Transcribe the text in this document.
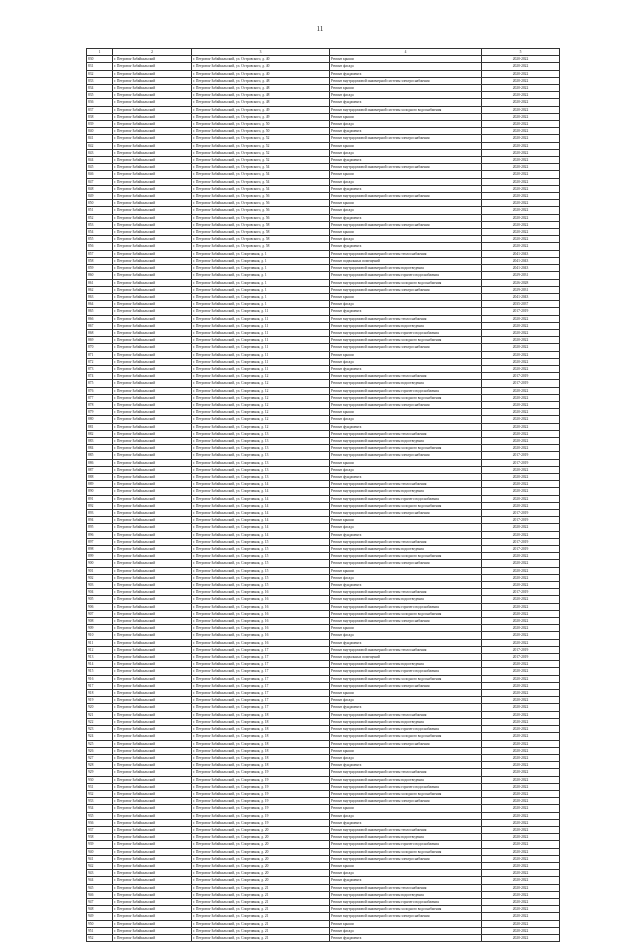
11
1	2	3	4	5
830	г. Петровск-Забайкальский	г. Петровск-Забайкальский, ул. Островского, д. 40	Ремонт крыши	2020-2022
831	г. Петровск-Забайкальский	г. Петровск-Забайкальский, ул. Островского, д. 40	Ремонт фасада	2020-2022
832	г. Петровск-Забайкальский	г. Петровск-Забайкальский, ул. Островского, д. 40	Ремонт фундамента	2020-2022
833	г. Петровск-Забайкальский	г. Петровск-Забайкальский, ул. Островского, д. 48	Ремонт внутридомовой инженерной системы электроснабжения	2020-2022
834	г. Петровск-Забайкальский	г. Петровск-Забайкальский, ул. Островского, д. 48	Ремонт крыши	2020-2022
835	г. Петровск-Забайкальский	г. Петровск-Забайкальский, ул. Островского, д. 48	Ремонт фасада	2020-2022
836	г. Петровск-Забайкальский	г. Петровск-Забайкальский, ул. Островского, д. 48	Ремонт фундамента	2020-2022
837	г. Петровск-Забайкальский	г. Петровск-Забайкальский, ул. Островского, д. 49	Ремонт внутридомовой инженерной системы холодного водоснабжения	2020-2022
838	г. Петровск-Забайкальский	г. Петровск-Забайкальский, ул. Островского, д. 49	Ремонт крыши	2020-2022
839	г. Петровск-Забайкальский	г. Петровск-Забайкальский, ул. Островского, д. 50	Ремонт фасада	2020-2022
840	г. Петровск-Забайкальский	г. Петровск-Забайкальский, ул. Островского, д. 50	Ремонт фундамента	2020-2022
841	г. Петровск-Забайкальский	г. Петровск-Забайкальский, ул. Островского, д. 52	Ремонт внутридомовой инженерной системы электроснабжения	2020-2022
842	г. Петровск-Забайкальский	г. Петровск-Забайкальский, ул. Островского, д. 52	Ремонт крыши	2020-2022
843	г. Петровск-Забайкальский	г. Петровск-Забайкальский, ул. Островского, д. 52	Ремонт фасада	2020-2022
844	г. Петровск-Забайкальский	г. Петровск-Забайкальский, ул. Островского, д. 52	Ремонт фундамента	2020-2022
845	г. Петровск-Забайкальский	г. Петровск-Забайкальский, ул. Островского, д. 54	Ремонт внутридомовой инженерной системы электроснабжения	2020-2022
846	г. Петровск-Забайкальский	г. Петровск-Забайкальский, ул. Островского, д. 54	Ремонт крыши	2020-2022
847	г. Петровск-Забайкальский	г. Петровск-Забайкальский, ул. Островского, д. 54	Ремонт фасада	2020-2022
848	г. Петровск-Забайкальский	г. Петровск-Забайкальский, ул. Островского, д. 54	Ремонт фундамента	2020-2022
849	г. Петровск-Забайкальский	г. Петровск-Забайкальский, ул. Островского, д. 56	Ремонт внутридомовой инженерной системы электроснабжения	2020-2022
850	г. Петровск-Забайкальский	г. Петровск-Забайкальский, ул. Островского, д. 56	Ремонт крыши	2020-2022
851	г. Петровск-Забайкальский	г. Петровск-Забайкальский, ул. Островского, д. 56	Ремонт фасада	2020-2022
852	г. Петровск-Забайкальский	г. Петровск-Забайкальский, ул. Островского, д. 56	Ремонт фундамента	2020-2022
853	г. Петровск-Забайкальский	г. Петровск-Забайкальский, ул. Островского, д. 58	Ремонт внутридомовой инженерной системы электроснабжения	2020-2022
854	г. Петровск-Забайкальский	г. Петровск-Забайкальский, ул. Островского, д. 58	Ремонт крыши	2020-2022
855	г. Петровск-Забайкальский	г. Петровск-Забайкальский, ул. Островского, д. 58	Ремонт фасада	2020-2022
856	г. Петровск-Забайкальский	г. Петровск-Забайкальский, ул. Островского, д. 58	Ремонт фундамента	2020-2022
857	г. Петровск-Забайкальский	г. Петровск-Забайкальский, ул. Спортивная, д. 1	Ремонт внутридомовой инженерной системы теплоснабжения	2041-2043
858	г. Петровск-Забайкальский	г. Петровск-Забайкальский, ул. Спортивная, д. 1	Ремонт подвальных помещений	2041-2043
859	г. Петровск-Забайкальский	г. Петровск-Забайкальский, ул. Спортивная, д. 1	Ремонт внутридомовой инженерной системы водоотведения	2041-2043
860	г. Петровск-Забайкальский	г. Петровск-Забайкальский, ул. Спортивная, д. 1	Ремонт внутридомовой инженерной системы горячего водоснабжения	2029-2031
861	г. Петровск-Забайкальский	г. Петровск-Забайкальский, ул. Спортивная, д. 1	Ремонт внутридомовой инженерной системы холодного водоснабжения	2026-2028
862	г. Петровск-Забайкальский	г. Петровск-Забайкальский, ул. Спортивная, д. 1	Ремонт внутридомовой инженерной системы электроснабжения	2029-2031
863	г. Петровск-Забайкальский	г. Петровск-Забайкальский, ул. Спортивная, д. 1	Ремонт крыши	2041-2043
864	г. Петровск-Забайкальский	г. Петровск-Забайкальский, ул. Спортивная, д. 1	Ремонт фасада	2035-2037
865	г. Петровск-Забайкальский	г. Петровск-Забайкальский, ул. Спортивная, д. 11	Ремонт фундамента	2017-2019
866	г. Петровск-Забайкальский	г. Петровск-Забайкальский, ул. Спортивная, д. 11	Ремонт внутридомовой инженерной системы теплоснабжения	2020-2022
867	г. Петровск-Забайкальский	г. Петровск-Забайкальский, ул. Спортивная, д. 11	Ремонт внутридомовой инженерной системы водоотведения	2020-2022
868	г. Петровск-Забайкальский	г. Петровск-Забайкальский, ул. Спортивная, д. 11	Ремонт внутридомовой инженерной системы горячего водоснабжения	2020-2022
869	г. Петровск-Забайкальский	г. Петровск-Забайкальский, ул. Спортивная, д. 11	Ремонт внутридомовой инженерной системы холодного водоснабжения	2020-2022
870	г. Петровск-Забайкальский	г. Петровск-Забайкальский, ул. Спортивная, д. 11	Ремонт внутридомовой инженерной системы электроснабжения	2020-2022
871	г. Петровск-Забайкальский	г. Петровск-Забайкальский, ул. Спортивная, д. 11	Ремонт крыши	2020-2022
872	г. Петровск-Забайкальский	г. Петровск-Забайкальский, ул. Спортивная, д. 11	Ремонт фасада	2020-2022
873	г. Петровск-Забайкальский	г. Петровск-Забайкальский, ул. Спортивная, д. 11	Ремонт фундамента	2020-2022
874	г. Петровск-Забайкальский	г. Петровск-Забайкальский, ул. Спортивная, д. 12	Ремонт внутридомовой инженерной системы теплоснабжения	2017-2019
875	г. Петровск-Забайкальский	г. Петровск-Забайкальский, ул. Спортивная, д. 12	Ремонт внутридомовой инженерной системы водоотведения	2017-2019
876	г. Петровск-Забайкальский	г. Петровск-Забайкальский, ул. Спортивная, д. 12	Ремонт внутридомовой инженерной системы горячего водоснабжения	2020-2022
877	г. Петровск-Забайкальский	г. Петровск-Забайкальский, ул. Спортивная, д. 12	Ремонт внутридомовой инженерной системы холодного водоснабжения	2020-2022
878	г. Петровск-Забайкальский	г. Петровск-Забайкальский, ул. Спортивная, д. 12	Ремонт внутридомовой инженерной системы электроснабжения	2020-2022
879	г. Петровск-Забайкальский	г. Петровск-Забайкальский, ул. Спортивная, д. 12	Ремонт крыши	2020-2022
880	г. Петровск-Забайкальский	г. Петровск-Забайкальский, ул. Спортивная, д. 12	Ремонт фасада	2020-2022
881	г. Петровск-Забайкальский	г. Петровск-Забайкальский, ул. Спортивная, д. 12	Ремонт фундамента	2020-2022
882	г. Петровск-Забайкальский	г. Петровск-Забайкальский, ул. Спортивная, д. 13	Ремонт внутридомовой инженерной системы теплоснабжения	2020-2022
883	г. Петровск-Забайкальский	г. Петровск-Забайкальский, ул. Спортивная, д. 13	Ремонт внутридомовой инженерной системы водоотведения	2020-2022
884	г. Петровск-Забайкальский	г. Петровск-Забайкальский, ул. Спортивная, д. 13	Ремонт внутридомовой инженерной системы холодного водоснабжения	2020-2022
885	г. Петровск-Забайкальский	г. Петровск-Забайкальский, ул. Спортивная, д. 13	Ремонт внутридомовой инженерной системы электроснабжения	2017-2019
886	г. Петровск-Забайкальский	г. Петровск-Забайкальский, ул. Спортивная, д. 13	Ремонт крыши	2017-2019
887	г. Петровск-Забайкальский	г. Петровск-Забайкальский, ул. Спортивная, д. 13	Ремонт фасада	2020-2022
888	г. Петровск-Забайкальский	г. Петровск-Забайкальский, ул. Спортивная, д. 13	Ремонт фундамента	2020-2022
889	г. Петровск-Забайкальский	г. Петровск-Забайкальский, ул. Спортивная, д. 14	Ремонт внутридомовой инженерной системы теплоснабжения	2020-2022
890	г. Петровск-Забайкальский	г. Петровск-Забайкальский, ул. Спортивная, д. 14	Ремонт внутридомовой инженерной системы водоотведения	2020-2022
891	г. Петровск-Забайкальский	г. Петровск-Забайкальский, ул. Спортивная, д. 14	Ремонт внутридомовой инженерной системы горячего водоснабжения	2020-2022
892	г. Петровск-Забайкальский	г. Петровск-Забайкальский, ул. Спортивная, д. 14	Ремонт внутридомовой инженерной системы холодного водоснабжения	2020-2022
893	г. Петровск-Забайкальский	г. Петровск-Забайкальский, ул. Спортивная, д. 14	Ремонт внутридомовой инженерной системы электроснабжения	2017-2019
894	г. Петровск-Забайкальский	г. Петровск-Забайкальский, ул. Спортивная, д. 14	Ремонт крыши	2017-2019
895	г. Петровск-Забайкальский	г. Петровск-Забайкальский, ул. Спортивная, д. 14	Ремонт фасада	2020-2022
896	г. Петровск-Забайкальский	г. Петровск-Забайкальский, ул. Спортивная, д. 14	Ремонт фундамента	2020-2022
897	г. Петровск-Забайкальский	г. Петровск-Забайкальский, ул. Спортивная, д. 15	Ремонт внутридомовой инженерной системы теплоснабжения	2017-2019
898	г. Петровск-Забайкальский	г. Петровск-Забайкальский, ул. Спортивная, д. 15	Ремонт внутридомовой инженерной системы водоотведения	2017-2019
899	г. Петровск-Забайкальский	г. Петровск-Забайкальский, ул. Спортивная, д. 15	Ремонт внутридомовой инженерной системы холодного водоснабжения	2020-2022
900	г. Петровск-Забайкальский	г. Петровск-Забайкальский, ул. Спортивная, д. 15	Ремонт внутридомовой инженерной системы электроснабжения	2020-2022
901	г. Петровск-Забайкальский	г. Петровск-Забайкальский, ул. Спортивная, д. 15	Ремонт крыши	2020-2022
902	г. Петровск-Забайкальский	г. Петровск-Забайкальский, ул. Спортивная, д. 15	Ремонт фасада	2020-2022
903	г. Петровск-Забайкальский	г. Петровск-Забайкальский, ул. Спортивная, д. 15	Ремонт фундамента	2020-2022
904	г. Петровск-Забайкальский	г. Петровск-Забайкальский, ул. Спортивная, д. 16	Ремонт внутридомовой инженерной системы теплоснабжения	2017-2019
905	г. Петровск-Забайкальский	г. Петровск-Забайкальский, ул. Спортивная, д. 16	Ремонт внутридомовой инженерной системы водоотведения	2020-2022
906	г. Петровск-Забайкальский	г. Петровск-Забайкальский, ул. Спортивная, д. 16	Ремонт внутридомовой инженерной системы горячего водоснабжения	2020-2022
907	г. Петровск-Забайкальский	г. Петровск-Забайкальский, ул. Спортивная, д. 16	Ремонт внутридомовой инженерной системы холодного водоснабжения	2020-2022
908	г. Петровск-Забайкальский	г. Петровск-Забайкальский, ул. Спортивная, д. 16	Ремонт внутридомовой инженерной системы электроснабжения	2020-2022
909	г. Петровск-Забайкальский	г. Петровск-Забайкальский, ул. Спортивная, д. 16	Ремонт крыши	2020-2022
910	г. Петровск-Забайкальский	г. Петровск-Забайкальский, ул. Спортивная, д. 16	Ремонт фасада	2020-2022
911	г. Петровск-Забайкальский	г. Петровск-Забайкальский, ул. Спортивная, д. 16	Ремонт фундамента	2020-2022
912	г. Петровск-Забайкальский	г. Петровск-Забайкальский, ул. Спортивная, д. 17	Ремонт внутридомовой инженерной системы теплоснабжения	2017-2019
913	г. Петровск-Забайкальский	г. Петровск-Забайкальский, ул. Спортивная, д. 17	Ремонт подвальных помещений	2017-2019
914	г. Петровск-Забайкальский	г. Петровск-Забайкальский, ул. Спортивная, д. 17	Ремонт внутридомовой инженерной системы водоотведения	2020-2022
915	г. Петровск-Забайкальский	г. Петровск-Забайкальский, ул. Спортивная, д. 17	Ремонт внутридомовой инженерной системы горячего водоснабжения	2020-2022
916	г. Петровск-Забайкальский	г. Петровск-Забайкальский, ул. Спортивная, д. 17	Ремонт внутридомовой инженерной системы холодного водоснабжения	2020-2022
917	г. Петровск-Забайкальский	г. Петровск-Забайкальский, ул. Спортивная, д. 17	Ремонт внутридомовой инженерной системы электроснабжения	2020-2022
918	г. Петровск-Забайкальский	г. Петровск-Забайкальский, ул. Спортивная, д. 17	Ремонт крыши	2020-2022
919	г. Петровск-Забайкальский	г. Петровск-Забайкальский, ул. Спортивная, д. 17	Ремонт фасада	2020-2022
920	г. Петровск-Забайкальский	г. Петровск-Забайкальский, ул. Спортивная, д. 17	Ремонт фундамента	2020-2022
921	г. Петровск-Забайкальский	г. Петровск-Забайкальский, ул. Спортивная, д. 18	Ремонт внутридомовой инженерной системы теплоснабжения	2020-2022
922	г. Петровск-Забайкальский	г. Петровск-Забайкальский, ул. Спортивная, д. 18	Ремонт внутридомовой инженерной системы водоотведения	2020-2022
923	г. Петровск-Забайкальский	г. Петровск-Забайкальский, ул. Спортивная, д. 18	Ремонт внутридомовой инженерной системы горячего водоснабжения	2020-2022
924	г. Петровск-Забайкальский	г. Петровск-Забайкальский, ул. Спортивная, д. 18	Ремонт внутридомовой инженерной системы холодного водоснабжения	2020-2022
925	г. Петровск-Забайкальский	г. Петровск-Забайкальский, ул. Спортивная, д. 18	Ремонт внутридомовой инженерной системы электроснабжения	2020-2022
926	г. Петровск-Забайкальский	г. Петровск-Забайкальский, ул. Спортивная, д. 18	Ремонт крыши	2020-2022
927	г. Петровск-Забайкальский	г. Петровск-Забайкальский, ул. Спортивная, д. 18	Ремонт фасада	2020-2022
928	г. Петровск-Забайкальский	г. Петровск-Забайкальский, ул. Спортивная, д. 18	Ремонт фундамента	2020-2022
929	г. Петровск-Забайкальский	г. Петровск-Забайкальский, ул. Спортивная, д. 19	Ремонт внутридомовой инженерной системы теплоснабжения	2020-2022
930	г. Петровск-Забайкальский	г. Петровск-Забайкальский, ул. Спортивная, д. 19	Ремонт внутридомовой инженерной системы водоотведения	2020-2022
931	г. Петровск-Забайкальский	г. Петровск-Забайкальский, ул. Спортивная, д. 19	Ремонт внутридомовой инженерной системы горячего водоснабжения	2020-2022
932	г. Петровск-Забайкальский	г. Петровск-Забайкальский, ул. Спортивная, д. 19	Ремонт внутридомовой инженерной системы холодного водоснабжения	2020-2022
933	г. Петровск-Забайкальский	г. Петровск-Забайкальский, ул. Спортивная, д. 19	Ремонт внутридомовой инженерной системы электроснабжения	2020-2022
934	г. Петровск-Забайкальский	г. Петровск-Забайкальский, ул. Спортивная, д. 19	Ремонт крыши	2020-2022
935	г. Петровск-Забайкальский	г. Петровск-Забайкальский, ул. Спортивная, д. 19	Ремонт фасада	2020-2022
936	г. Петровск-Забайкальский	г. Петровск-Забайкальский, ул. Спортивная, д. 19	Ремонт фундамента	2020-2022
937	г. Петровск-Забайкальский	г. Петровск-Забайкальский, ул. Спортивная, д. 20	Ремонт внутридомовой инженерной системы теплоснабжения	2020-2022
938	г. Петровск-Забайкальский	г. Петровск-Забайкальский, ул. Спортивная, д. 20	Ремонт внутридомовой инженерной системы водоотведения	2020-2022
939	г. Петровск-Забайкальский	г. Петровск-Забайкальский, ул. Спортивная, д. 20	Ремонт внутридомовой инженерной системы горячего водоснабжения	2020-2022
940	г. Петровск-Забайкальский	г. Петровск-Забайкальский, ул. Спортивная, д. 20	Ремонт внутридомовой инженерной системы холодного водоснабжения	2020-2022
941	г. Петровск-Забайкальский	г. Петровск-Забайкальский, ул. Спортивная, д. 20	Ремонт внутридомовой инженерной системы электроснабжения	2020-2022
942	г. Петровск-Забайкальский	г. Петровск-Забайкальский, ул. Спортивная, д. 20	Ремонт крыши	2020-2022
943	г. Петровск-Забайкальский	г. Петровск-Забайкальский, ул. Спортивная, д. 20	Ремонт фасада	2020-2022
944	г. Петровск-Забайкальский	г. Петровск-Забайкальский, ул. Спортивная, д. 20	Ремонт фундамента	2020-2022
945	г. Петровск-Забайкальский	г. Петровск-Забайкальский, ул. Спортивная, д. 21	Ремонт внутридомовой инженерной системы теплоснабжения	2020-2022
946	г. Петровск-Забайкальский	г. Петровск-Забайкальский, ул. Спортивная, д. 21	Ремонт внутридомовой инженерной системы водоотведения	2020-2022
947	г. Петровск-Забайкальский	г. Петровск-Забайкальский, ул. Спортивная, д. 21	Ремонт внутридомовой инженерной системы горячего водоснабжения	2020-2022
948	г. Петровск-Забайкальский	г. Петровск-Забайкальский, ул. Спортивная, д. 21	Ремонт внутридомовой инженерной системы холодного водоснабжения	2020-2022
949	г. Петровск-Забайкальский	г. Петровск-Забайкальский, ул. Спортивная, д. 21	Ремонт внутридомовой инженерной системы электроснабжения	2020-2022
950	г. Петровск-Забайкальский	г. Петровск-Забайкальский, ул. Спортивная, д. 21	Ремонт крыши	2020-2022
951	г. Петровск-Забайкальский	г. Петровск-Забайкальский, ул. Спортивная, д. 21	Ремонт фасада	2020-2022
952	г. Петровск-Забайкальский	г. Петровск-Забайкальский, ул. Спортивная, д. 21	Ремонт фундамента	2020-2022
